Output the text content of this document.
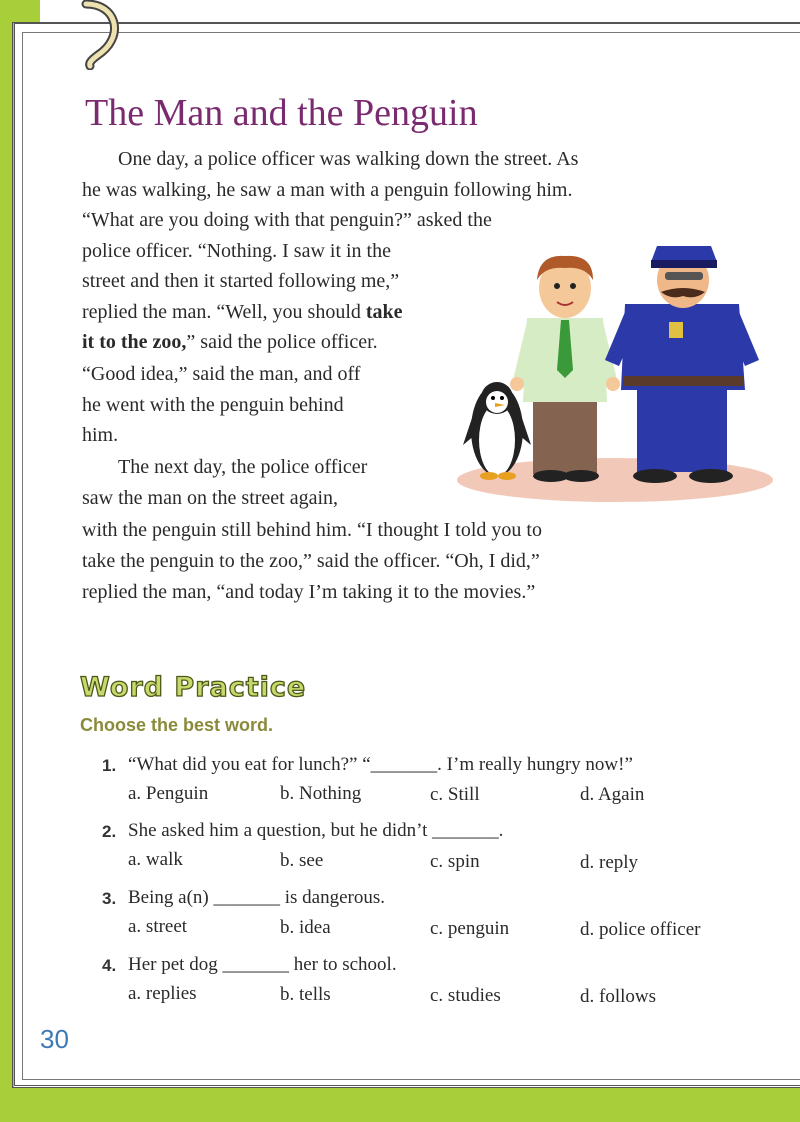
The Man and the Penguin
One day, a police officer was walking down the street. As
he was walking, he saw a man with a penguin following him.
“What are you doing with that penguin?” asked the
police officer. “Nothing. I saw it in the
street and then it started following me,”
replied the man. “Well, you should take
it to the zoo,” said the police officer.
“Good idea,” said the man, and off
he went with the penguin behind
him.
The next day, the police officer
saw the man on the street again,
with the penguin still behind him. “I thought I told you to
take the penguin to the zoo,” said the officer. “Oh, I did,”
replied the man, “and today I’m taking it to the movies.”
Word Practice
Choose the best word.
1. “What did you eat for lunch?” “_______. I’m really hungry now!”
a. Penguin	b. Nothing	c. Still	d. Again
2. She asked him a question, but he didn’t _______.
a. walk	b. see	c. spin	d. reply
3. Being a(n) _______ is dangerous.
a. street	b. idea	c. penguin	d. police officer
4. Her pet dog _______ her to school.
a. replies	b. tells	c. studies	d. follows
30
